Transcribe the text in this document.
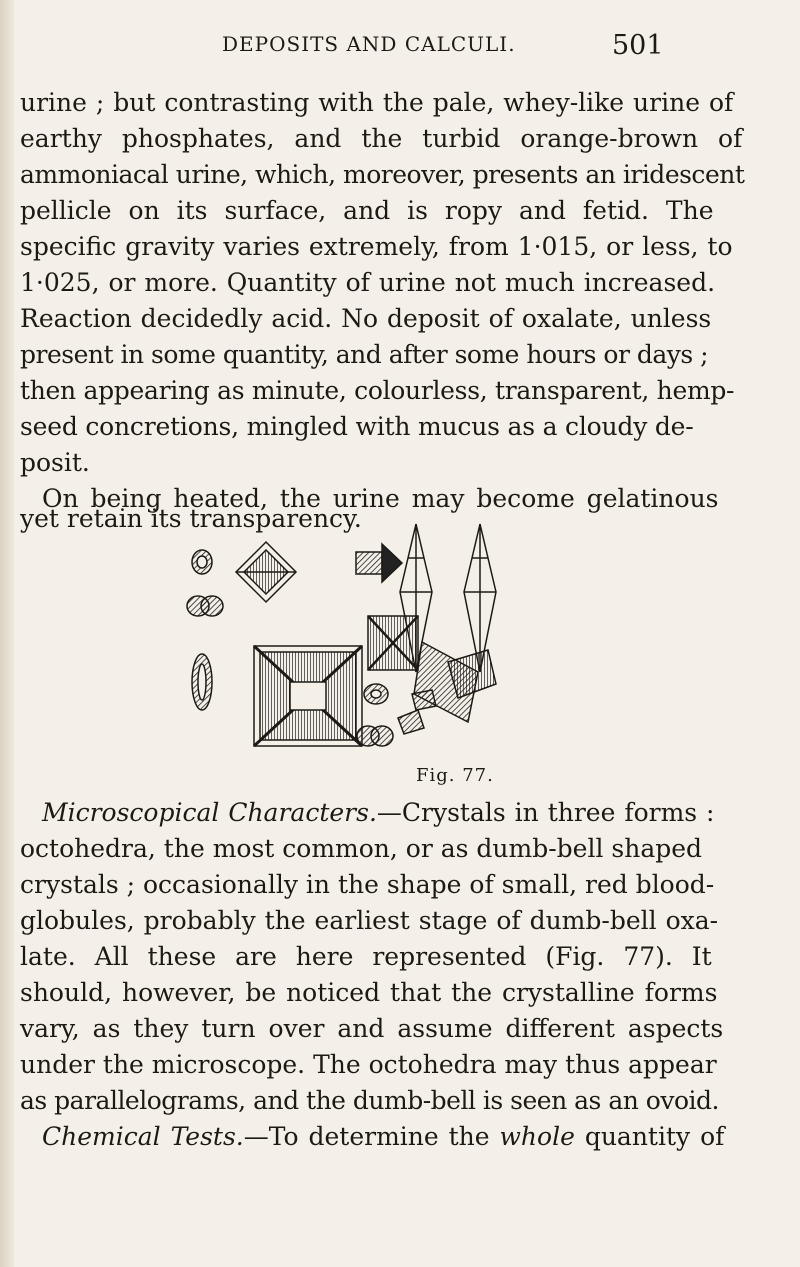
DEPOSITS AND CALCULI.	501
urine ; but contrasting with the pale, whey-like urine of
earthy phosphates, and the turbid orange-brown of
ammoniacal urine, which, moreover, presents an iridescent
pellicle on its surface, and is ropy and fetid. The
specific gravity varies extremely, from 1·015, or less, to
1·025, or more. Quantity of urine not much increased.
Reaction decidedly acid. No deposit of oxalate, unless
present in some quantity, and after some hours or days ;
then appearing as minute, colourless, transparent, hemp-
seed concretions, mingled with mucus as a cloudy de-
posit.
On being heated, the urine may become gelatinous
yet retain its transparency.
Fig. 77.
Microscopical Characters.—Crystals in three forms :
octohedra, the most common, or as dumb-bell shaped
crystals ; occasionally in the shape of small, red blood-
globules, probably the earliest stage of dumb-bell oxa-
late. All these are here represented (Fig. 77). It
should, however, be noticed that the crystalline forms
vary, as they turn over and assume different aspects
under the microscope. The octohedra may thus appear
as parallelograms, and the dumb-bell is seen as an ovoid.
Chemical Tests.—To determine the whole quantity of
